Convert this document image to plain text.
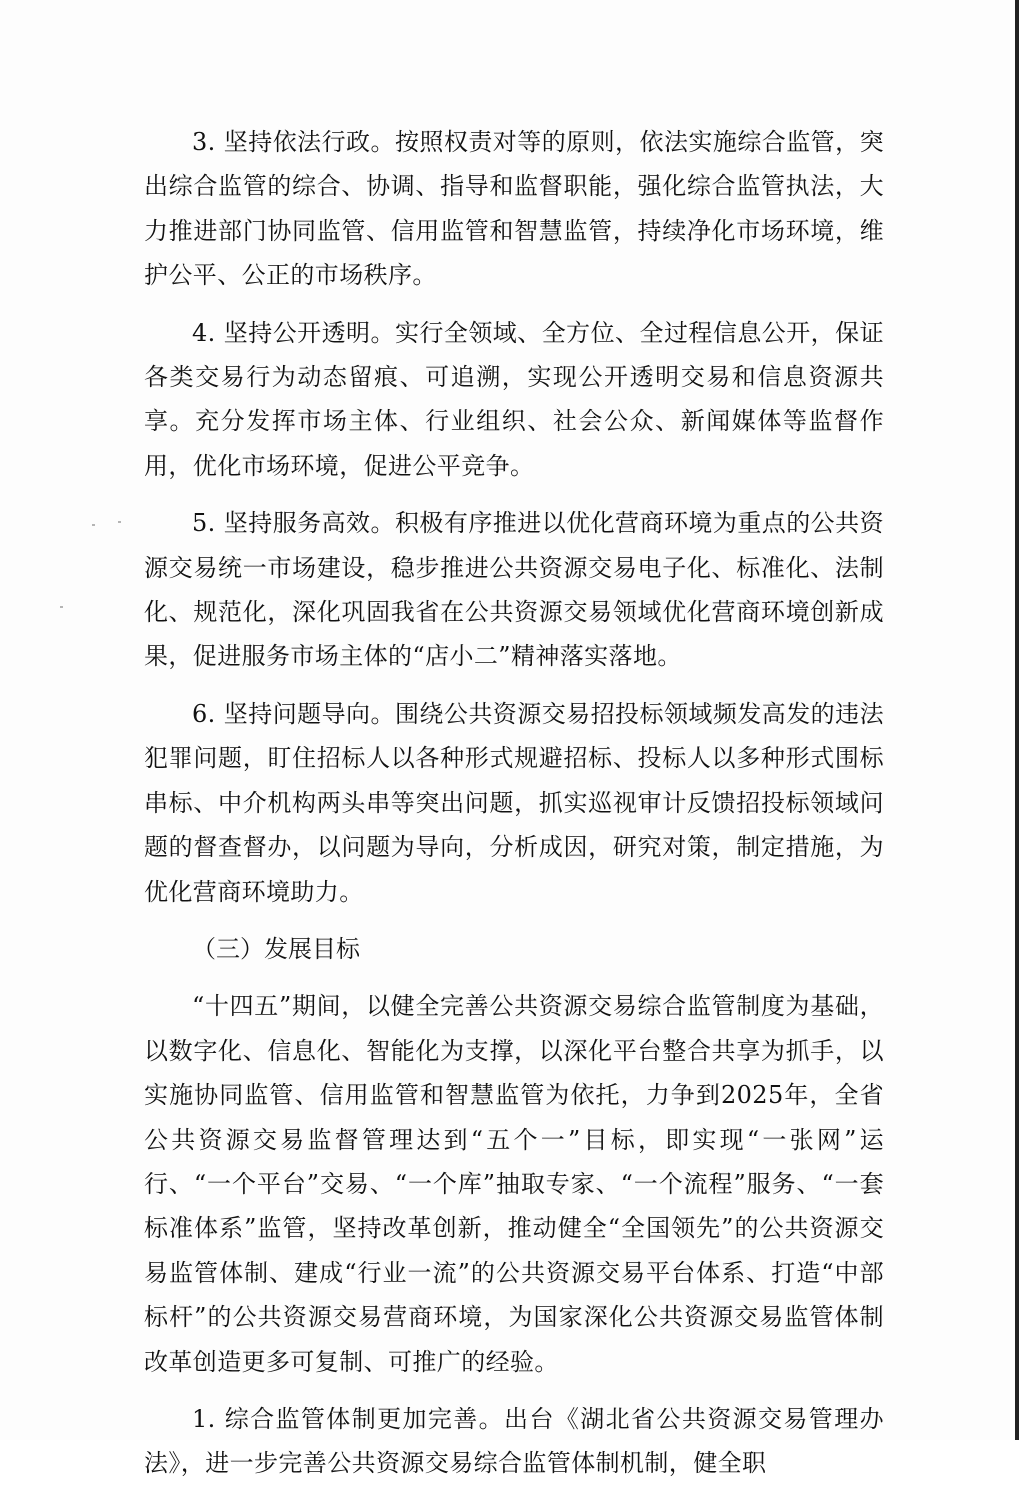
3. 坚持依法行政。按照权责对等的原则，依法实施综合监管，突出综合监管的综合、协调、指导和监督职能，强化综合监管执法，大力推进部门协同监管、信用监管和智慧监管，持续净化市场环境，维护公平、公正的市场秩序。

4. 坚持公开透明。实行全领域、全方位、全过程信息公开，保证各类交易行为动态留痕、可追溯，实现公开透明交易和信息资源共享。充分发挥市场主体、行业组织、社会公众、新闻媒体等监督作用，优化市场环境，促进公平竞争。

5. 坚持服务高效。积极有序推进以优化营商环境为重点的公共资源交易统一市场建设，稳步推进公共资源交易电子化、标准化、法制化、规范化，深化巩固我省在公共资源交易领域优化营商环境创新成果，促进服务市场主体的“店小二”精神落实落地。

6. 坚持问题导向。围绕公共资源交易招投标领域频发高发的违法犯罪问题，盯住招标人以各种形式规避招标、投标人以多种形式围标串标、中介机构两头串等突出问题，抓实巡视审计反馈招投标领域问题的督查督办，以问题为导向，分析成因，研究对策，制定措施，为优化营商环境助力。

（三）发展目标

“十四五”期间，以健全完善公共资源交易综合监管制度为基础，以数字化、信息化、智能化为支撑，以深化平台整合共享为抓手，以实施协同监管、信用监管和智慧监管为依托，力争到2025年，全省公共资源交易监督管理达到“五个一”目标，即实现“一张网”运行、“一个平台”交易、“一个库”抽取专家、“一个流程”服务、“一套标准体系”监管，坚持改革创新，推动健全“全国领先”的公共资源交易监管体制、建成“行业一流”的公共资源交易平台体系、打造“中部标杆”的公共资源交易营商环境，为国家深化公共资源交易监管体制改革创造更多可复制、可推广的经验。

1. 综合监管体制更加完善。出台《湖北省公共资源交易管理办法》，进一步完善公共资源交易综合监管体制机制，健全职
